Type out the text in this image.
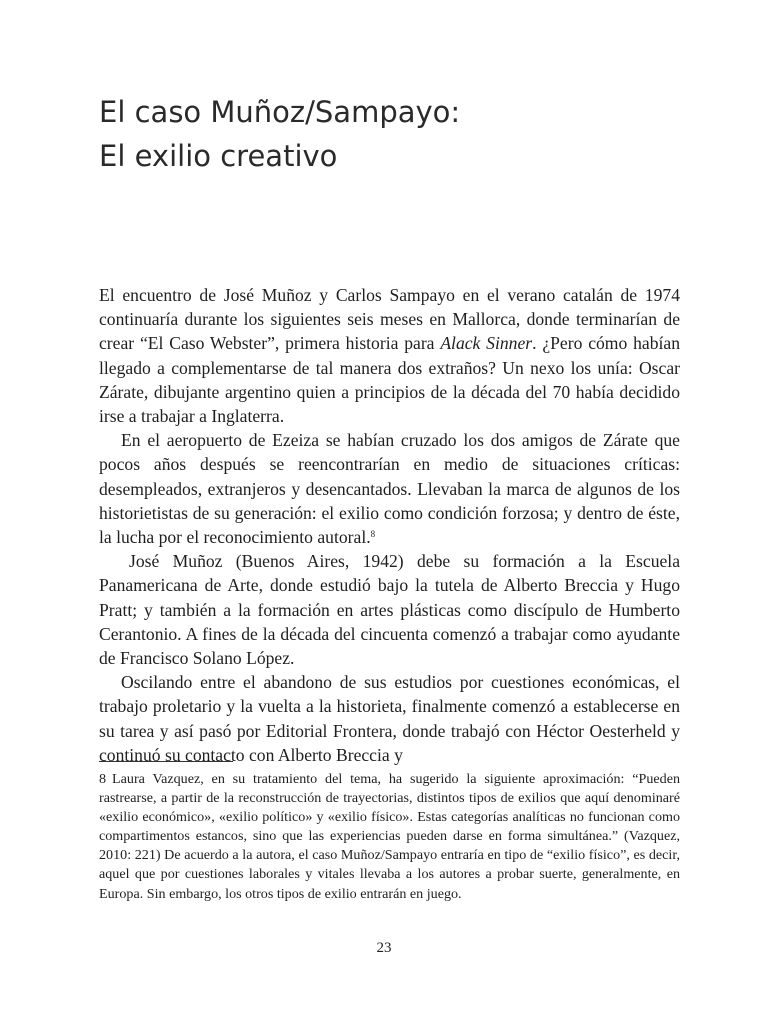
El caso Muñoz/Sampayo:
El exilio creativo

El encuentro de José Muñoz y Carlos Sampayo en el verano catalán de 1974 continuaría durante los siguientes seis meses en Mallorca, donde terminarían de crear “El Caso Webster”, primera historia para Alack Sinner. ¿Pero cómo habían llegado a complementarse de tal manera dos extraños? Un nexo los unía: Oscar Zárate, dibujante argentino quien a principios de la década del 70 había decidido irse a trabajar a Inglaterra.

En el aeropuerto de Ezeiza se habían cruzado los dos amigos de Zárate que pocos años después se reencontrarían en medio de situaciones críticas: desempleados, extranjeros y desencantados. Llevaban la marca de algunos de los historietistas de su generación: el exilio como condición forzosa; y dentro de éste, la lucha por el reconocimiento autoral.$^8$

José Muñoz (Buenos Aires, 1942) debe su formación a la Escuela Panamericana de Arte, donde estudió bajo la tutela de Alberto Breccia y Hugo Pratt; y también a la formación en artes plásticas como discípulo de Humberto Cerantonio. A fines de la década del cincuenta comenzó a trabajar como ayudante de Francisco Solano López.

Oscilando entre el abandono de sus estudios por cuestiones económicas, el trabajo proletario y la vuelta a la historieta, finalmente comenzó a establecerse en su tarea y así pasó por Editorial Frontera, donde trabajó con Héctor Oesterheld y continuó su contacto con Alberto Breccia y

8 Laura Vazquez, en su tratamiento del tema, ha sugerido la siguiente aproximación: “Pueden rastrearse, a partir de la reconstrucción de trayectorias, distintos tipos de exilios que aquí denominaré «exilio económico», «exilio político» y «exilio físico». Estas categorías analíticas no funcionan como compartimentos estancos, sino que las experiencias pueden darse en forma simultánea.” (Vazquez, 2010: 221) De acuerdo a la autora, el caso Muñoz/Sampayo entraría en tipo de “exilio físico”, es decir, aquel que por cuestiones laborales y vitales llevaba a los autores a probar suerte, generalmente, en Europa. Sin embargo, los otros tipos de exilio entrarán en juego.
23
